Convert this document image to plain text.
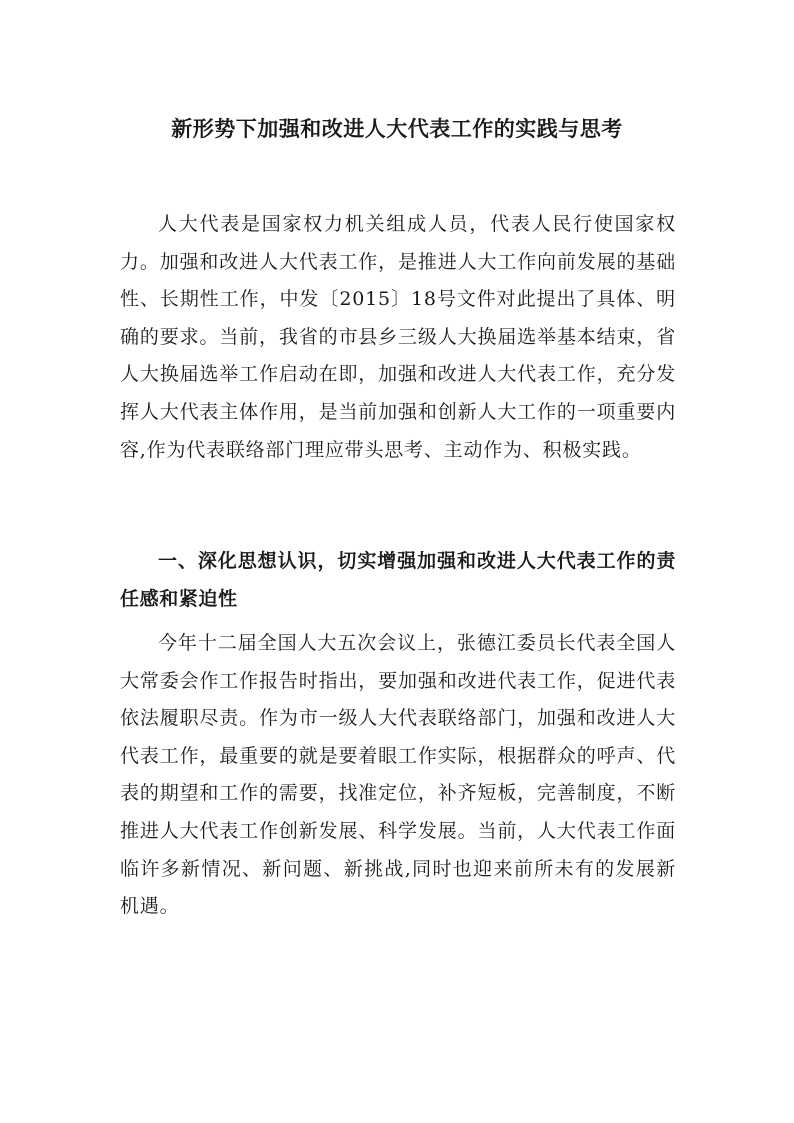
新形势下加强和改进人大代表工作的实践与思考

人大代表是国家权力机关组成人员，代表人民行使国家权力。加强和改进人大代表工作，是推进人大工作向前发展的基础性、长期性工作，中发〔2015〕18号文件对此提出了具体、明确的要求。当前，我省的市县乡三级人大换届选举基本结束，省人大换届选举工作启动在即，加强和改进人大代表工作，充分发挥人大代表主体作用，是当前加强和创新人大工作的一项重要内容,作为代表联络部门理应带头思考、主动作为、积极实践。

一、深化思想认识，切实增强加强和改进人大代表工作的责任感和紧迫性

今年十二届全国人大五次会议上，张德江委员长代表全国人大常委会作工作报告时指出，要加强和改进代表工作，促进代表依法履职尽责。作为市一级人大代表联络部门，加强和改进人大代表工作，最重要的就是要着眼工作实际，根据群众的呼声、代表的期望和工作的需要，找准定位，补齐短板，完善制度，不断推进人大代表工作创新发展、科学发展。当前，人大代表工作面临许多新情况、新问题、新挑战,同时也迎来前所未有的发展新机遇。
